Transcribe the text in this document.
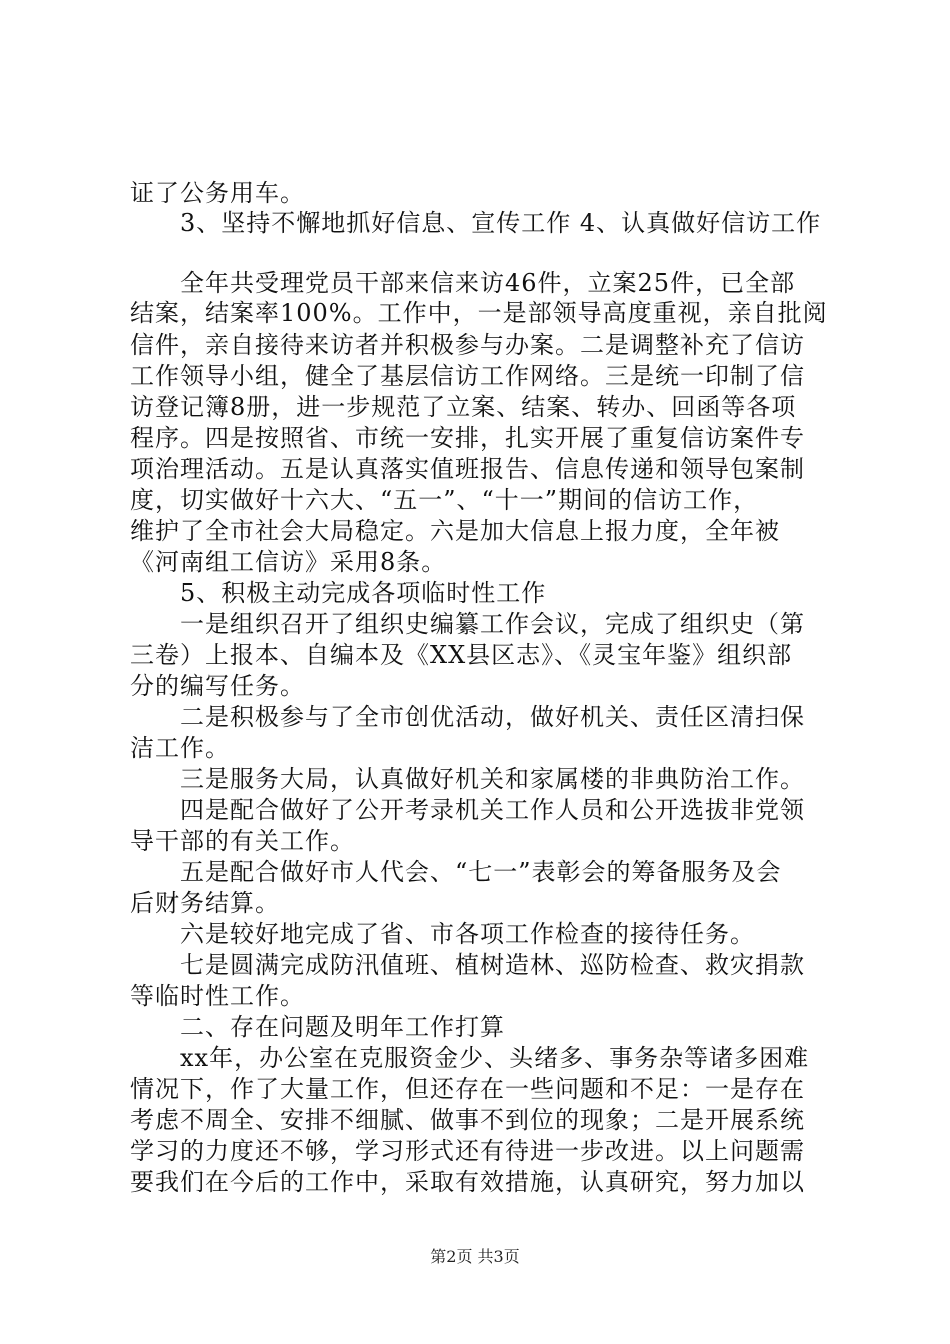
证了公务用车。
3、坚持不懈地抓好信息、宣传工作 4、认真做好信访工作
全年共受理党员干部来信来访46件，立案25件，已全部
结案，结案率100%。工作中，一是部领导高度重视，亲自批阅
信件，亲自接待来访者并积极参与办案。二是调整补充了信访
工作领导小组，健全了基层信访工作网络。三是统一印制了信
访登记簿8册，进一步规范了立案、结案、转办、回函等各项
程序。四是按照省、市统一安排，扎实开展了重复信访案件专
项治理活动。五是认真落实值班报告、信息传递和领导包案制
度，切实做好十六大、“五一”、“十一”期间的信访工作，
维护了全市社会大局稳定。六是加大信息上报力度，全年被
《河南组工信访》采用8条。
5、积极主动完成各项临时性工作
一是组织召开了组织史编纂工作会议，完成了组织史（第
三卷）上报本、自编本及《XX县区志》、《灵宝年鉴》组织部
分的编写任务。
二是积极参与了全市创优活动，做好机关、责任区清扫保
洁工作。
三是服务大局，认真做好机关和家属楼的非典防治工作。
四是配合做好了公开考录机关工作人员和公开选拔非党领
导干部的有关工作。
五是配合做好市人代会、“七一”表彰会的筹备服务及会
后财务结算。
六是较好地完成了省、市各项工作检查的接待任务。
七是圆满完成防汛值班、植树造林、巡防检查、救灾捐款
等临时性工作。
二、存在问题及明年工作打算
xx年，办公室在克服资金少、头绪多、事务杂等诸多困难
情况下，作了大量工作，但还存在一些问题和不足：一是存在
考虑不周全、安排不细腻、做事不到位的现象；二是开展系统
学习的力度还不够，学习形式还有待进一步改进。以上问题需
要我们在今后的工作中，采取有效措施，认真研究，努力加以
第2页 共3页
